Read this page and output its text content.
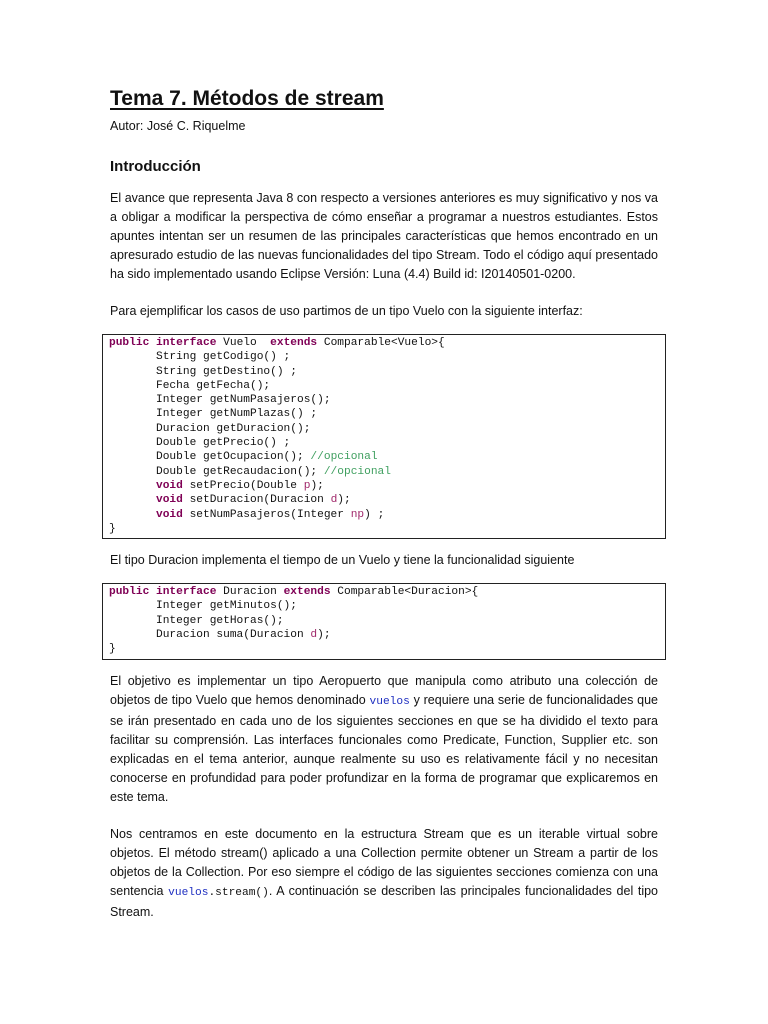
Tema 7. Métodos de stream
Autor: José C. Riquelme
Introducción

El avance que representa Java 8 con respecto a versiones anteriores es muy significativo y nos va a obligar a modificar la perspectiva de cómo enseñar a programar a nuestros estudiantes. Estos apuntes intentan ser un resumen de las principales características que hemos encontrado en un apresurado estudio de las nuevas funcionalidades del tipo Stream. Todo el código aquí presentado ha sido implementado usando Eclipse Versión: Luna (4.4) Build id: I20140501-0200.

Para ejemplificar los casos de uso partimos de un tipo Vuelo con la siguiente interfaz:

public interface Vuelo  extends Comparable<Vuelo>{
String getCodigo() ;
String getDestino() ;
Fecha getFecha();
Integer getNumPasajeros();
Integer getNumPlazas() ;
Duracion getDuracion();
Double getPrecio() ;
Double getOcupacion(); //opcional
Double getRecaudacion(); //opcional
void setPrecio(Double p);
void setDuracion(Duracion d);
void setNumPasajeros(Integer np) ;
}

El tipo Duracion implementa el tiempo de un Vuelo y tiene la funcionalidad siguiente

public interface Duracion extends Comparable<Duracion>{
Integer getMinutos();
Integer getHoras();
Duracion suma(Duracion d);
}

El objetivo es implementar un tipo Aeropuerto que manipula como atributo una colección de objetos de tipo Vuelo que hemos denominado vuelos y requiere una serie de funcionalidades que se irán presentado en cada uno de los siguientes secciones en que se ha dividido el texto para facilitar su comprensión. Las interfaces funcionales como Predicate, Function, Supplier etc. son explicadas en el tema anterior, aunque realmente su uso es relativamente fácil y no necesitan conocerse en profundidad para poder profundizar en la forma de programar que explicaremos en este tema.

Nos centramos en este documento en la estructura Stream que es un iterable virtual sobre objetos. El método stream() aplicado a una Collection permite obtener un Stream a partir de los objetos de la Collection. Por eso siempre el código de las siguientes secciones comienza con una sentencia vuelos.stream(). A continuación se describen las principales funcionalidades del tipo Stream.
